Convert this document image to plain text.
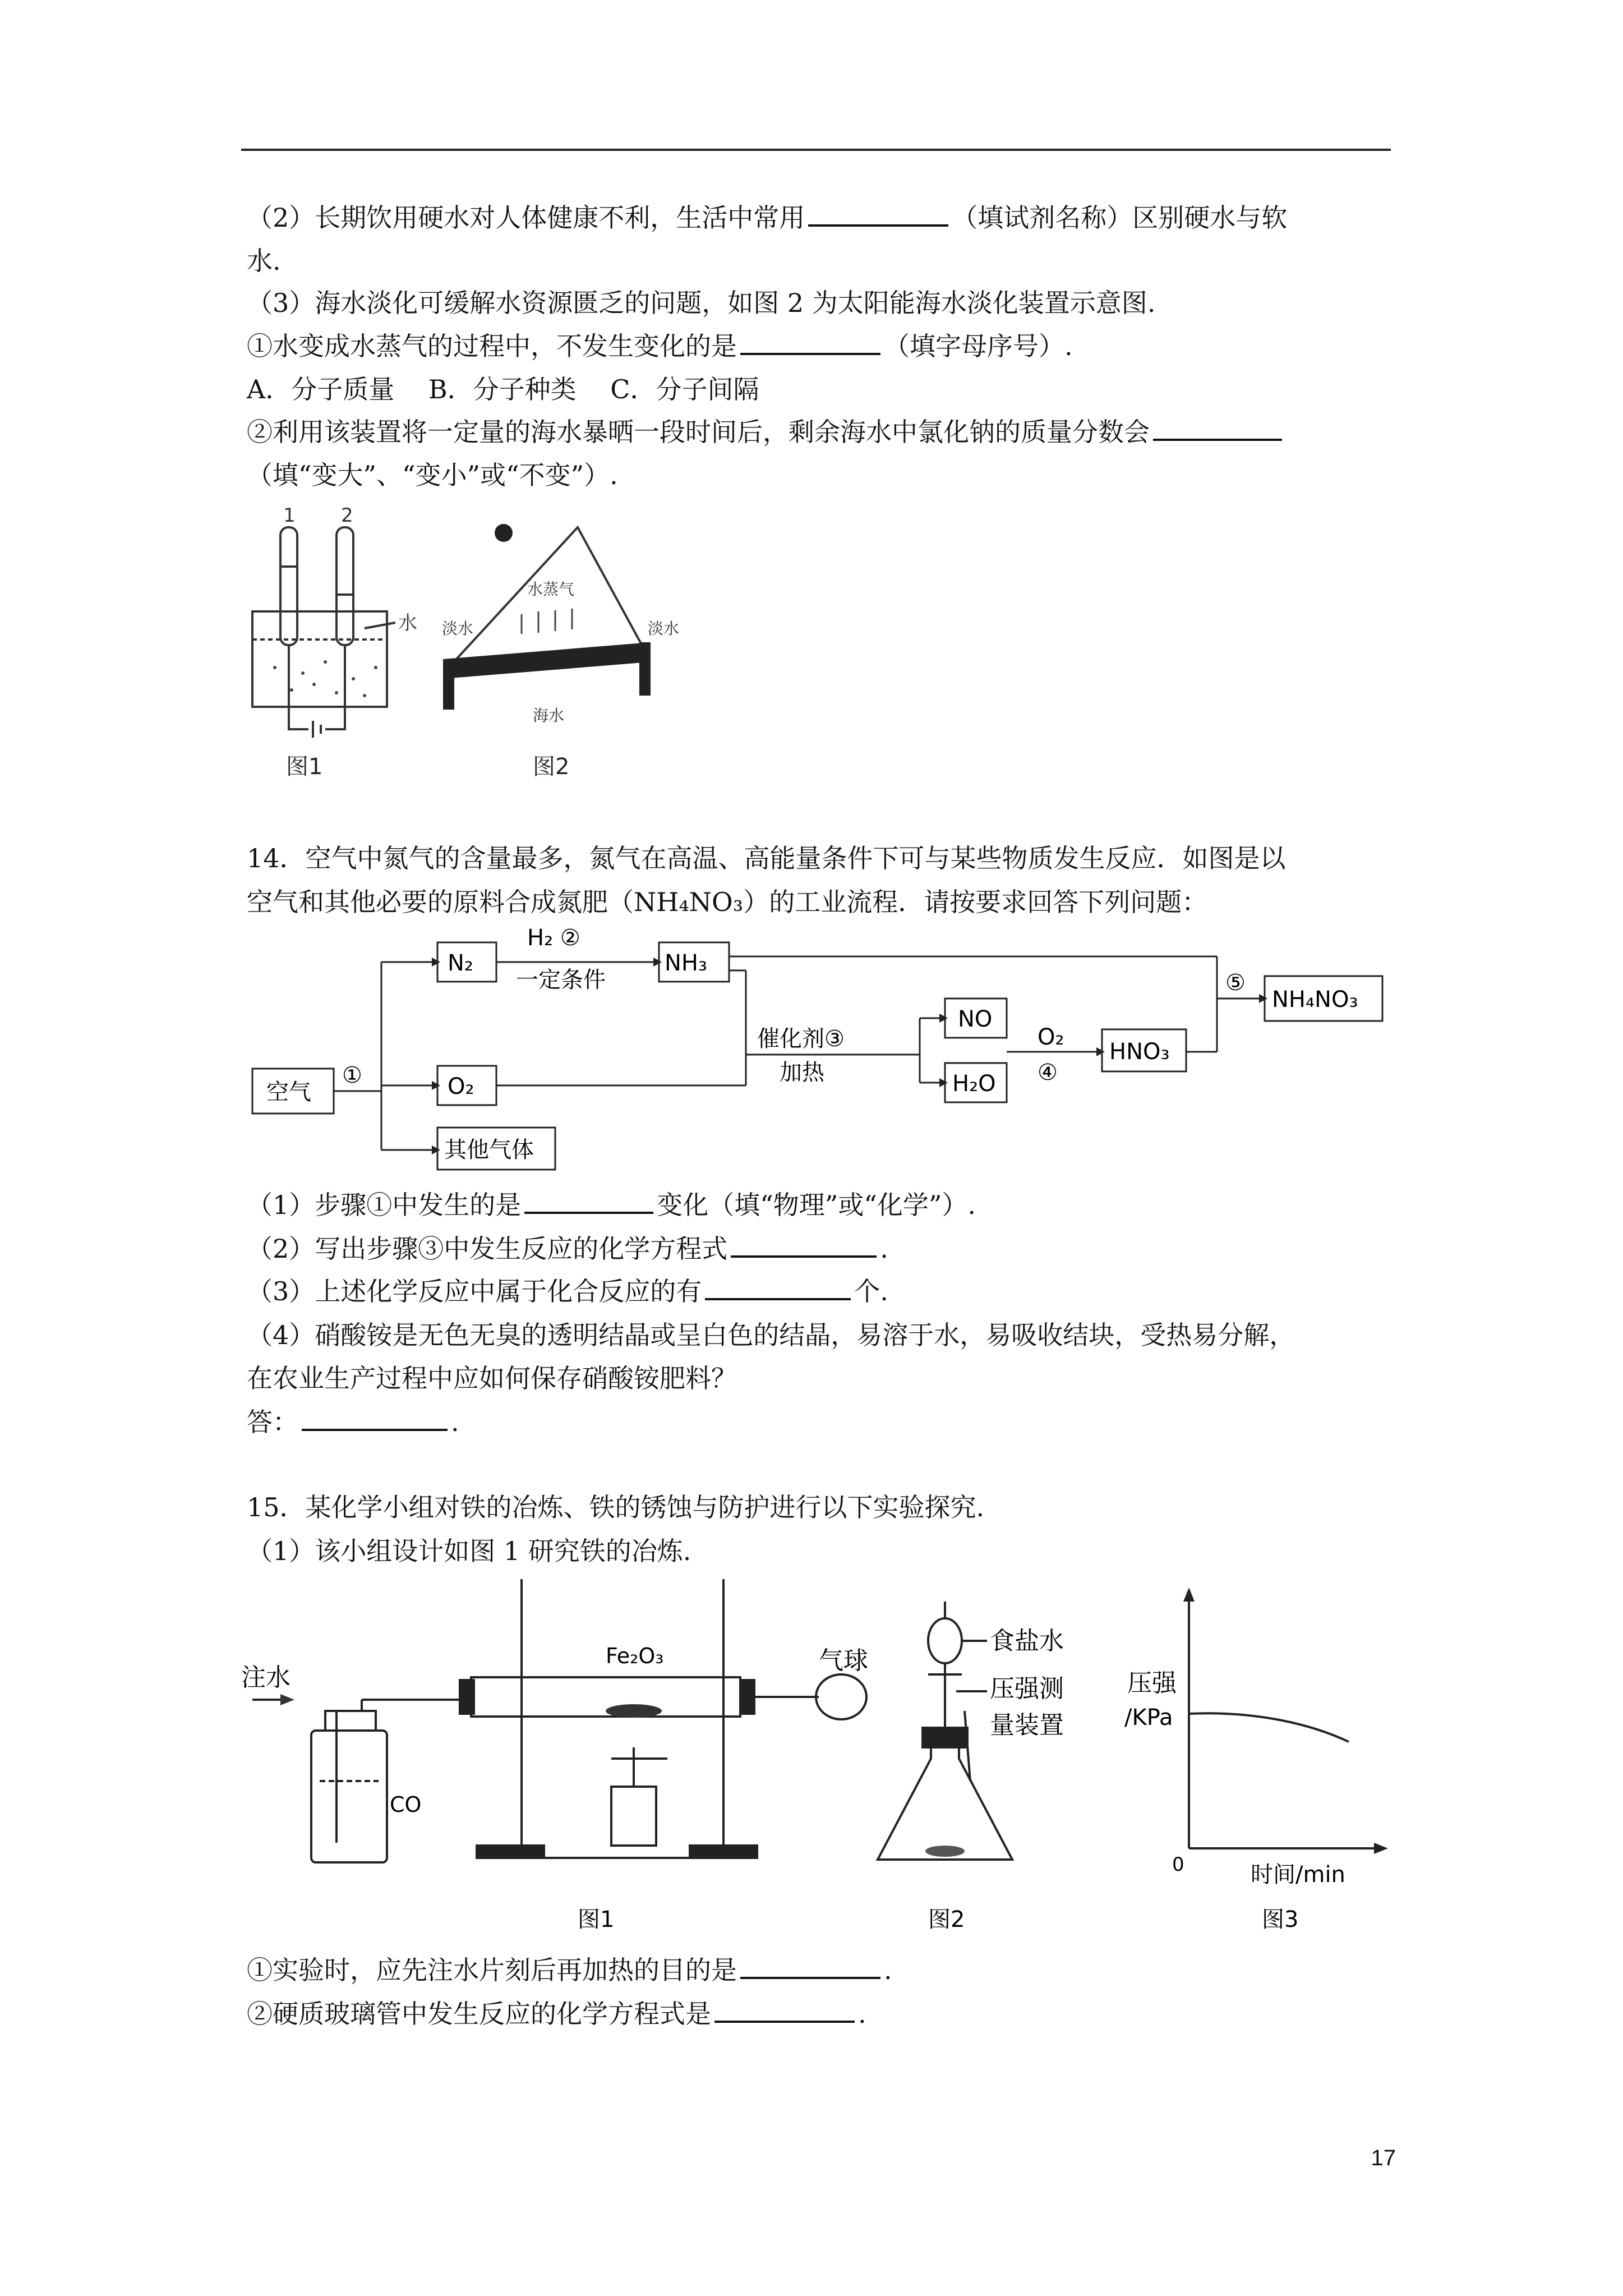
（2）长期饮用硬水对人体健康不利，生活中常用	（填试剂名称）区别硬水与软
水.
（3）海水淡化可缓解水资源匮乏的问题，如图 2 为太阳能海水淡化装置示意图.
①水变成水蒸气的过程中，不发生变化的是	（填字母序号）.
A．分子质量　 B．分子种类　 C．分子间隔
②利用该装置将一定量的海水暴晒一段时间后，剩余海水中氯化钠的质量分数会
（填“变大”、“变小”或“不变”）.
1 2
水
图1
水蒸气
淡水	淡水
海水
图2
14．空气中氮气的含量最多，氮气在高温、高能量条件下可与某些物质发生反应．如图是以
空气和其他必要的原料合成氮肥（NH₄NO₃）的工业流程．请按要求回答下列问题：
空气
N₂
O₂
其他气体
NH₃
NO
H₂O
HNO₃
NH₄NO₃
①
H₂ ②
一定条件
催化剂③
加热
O₂
④
⑤
（1）步骤①中发生的是	变化（填“物理”或“化学”）.
（2）写出步骤③中发生反应的化学方程式	.
（3）上述化学反应中属于化合反应的有	个.
（4）硝酸铵是无色无臭的透明结晶或呈白色的结晶，易溶于水，易吸收结块，受热易分解，
在农业生产过程中应如何保存硝酸铵肥料？
答：	.
15．某化学小组对铁的冶炼、铁的锈蚀与防护进行以下实验探究.
（1）该小组设计如图 1 研究铁的冶炼.
注水
Fe₂O₃
CO
气球
图1
食盐水
压强测
量装置
图2
压强
/KPa
0	时间/min
图3
①实验时，应先注水片刻后再加热的目的是	.
②硬质玻璃管中发生反应的化学方程式是	.
17
